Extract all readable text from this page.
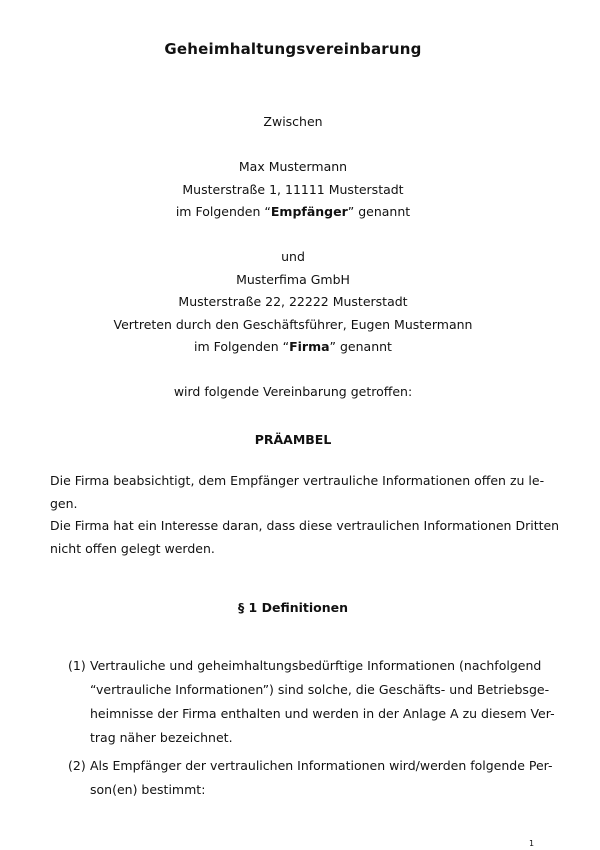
Geheimhaltungsvereinbarung
Zwischen
Max Mustermann
Musterstraße 1, 11111 Musterstadt
im Folgenden “Empfänger” genannt
und
Musterfima GmbH
Musterstraße 22, 22222 Musterstadt
Vertreten durch den Geschäftsführer, Eugen Mustermann
im Folgenden “Firma” genannt
wird folgende Vereinbarung getroffen:
PRÄAMBEL
Die Firma beabsichtigt, dem Empfänger vertrauliche Informationen offen zu le-
gen.
Die Firma hat ein Interesse daran, dass diese vertraulichen Informationen Dritten
nicht offen gelegt werden.
§ 1 Definitionen
(1) Vertrauliche und geheimhaltungsbedürftige Informationen (nachfolgend
“vertrauliche Informationen”) sind solche, die Geschäfts- und Betriebsge-
heimnisse der Firma enthalten und werden in der Anlage A zu diesem Ver-
trag näher bezeichnet.
(2) Als Empfänger der vertraulichen Informationen wird/werden folgende Per-
son(en) bestimmt:
1
